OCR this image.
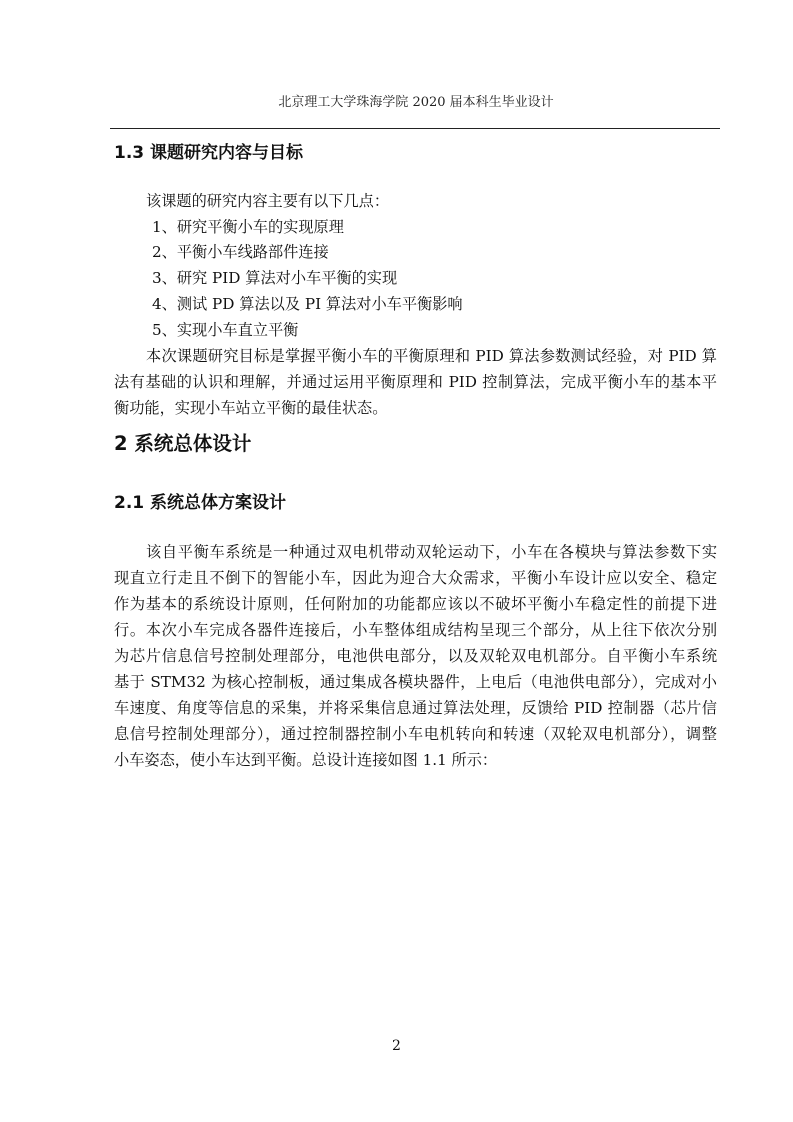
北京理工大学珠海学院 2020 届本科生毕业设计
1.3 课题研究内容与目标
该课题的研究内容主要有以下几点：
1、研究平衡小车的实现原理
2、平衡小车线路部件连接
3、研究 PID 算法对小车平衡的实现
4、测试 PD 算法以及 PI 算法对小车平衡影响
5、实现小车直立平衡
本次课题研究目标是掌握平衡小车的平衡原理和 PID 算法参数测试经验，对 PID 算
法有基础的认识和理解，并通过运用平衡原理和 PID 控制算法，完成平衡小车的基本平
衡功能，实现小车站立平衡的最佳状态。
2 系统总体设计
2.1 系统总体方案设计
该自平衡车系统是一种通过双电机带动双轮运动下，小车在各模块与算法参数下实
现直立行走且不倒下的智能小车，因此为迎合大众需求，平衡小车设计应以安全、稳定
作为基本的系统设计原则，任何附加的功能都应该以不破坏平衡小车稳定性的前提下进
行。本次小车完成各器件连接后，小车整体组成结构呈现三个部分，从上往下依次分别
为芯片信息信号控制处理部分，电池供电部分，以及双轮双电机部分。自平衡小车系统
基于 STM32 为核心控制板，通过集成各模块器件，上电后（电池供电部分），完成对小
车速度、角度等信息的采集，并将采集信息通过算法处理，反馈给 PID 控制器（芯片信
息信号控制处理部分），通过控制器控制小车电机转向和转速（双轮双电机部分），调整
小车姿态，使小车达到平衡。总设计连接如图 1.1 所示：
2
